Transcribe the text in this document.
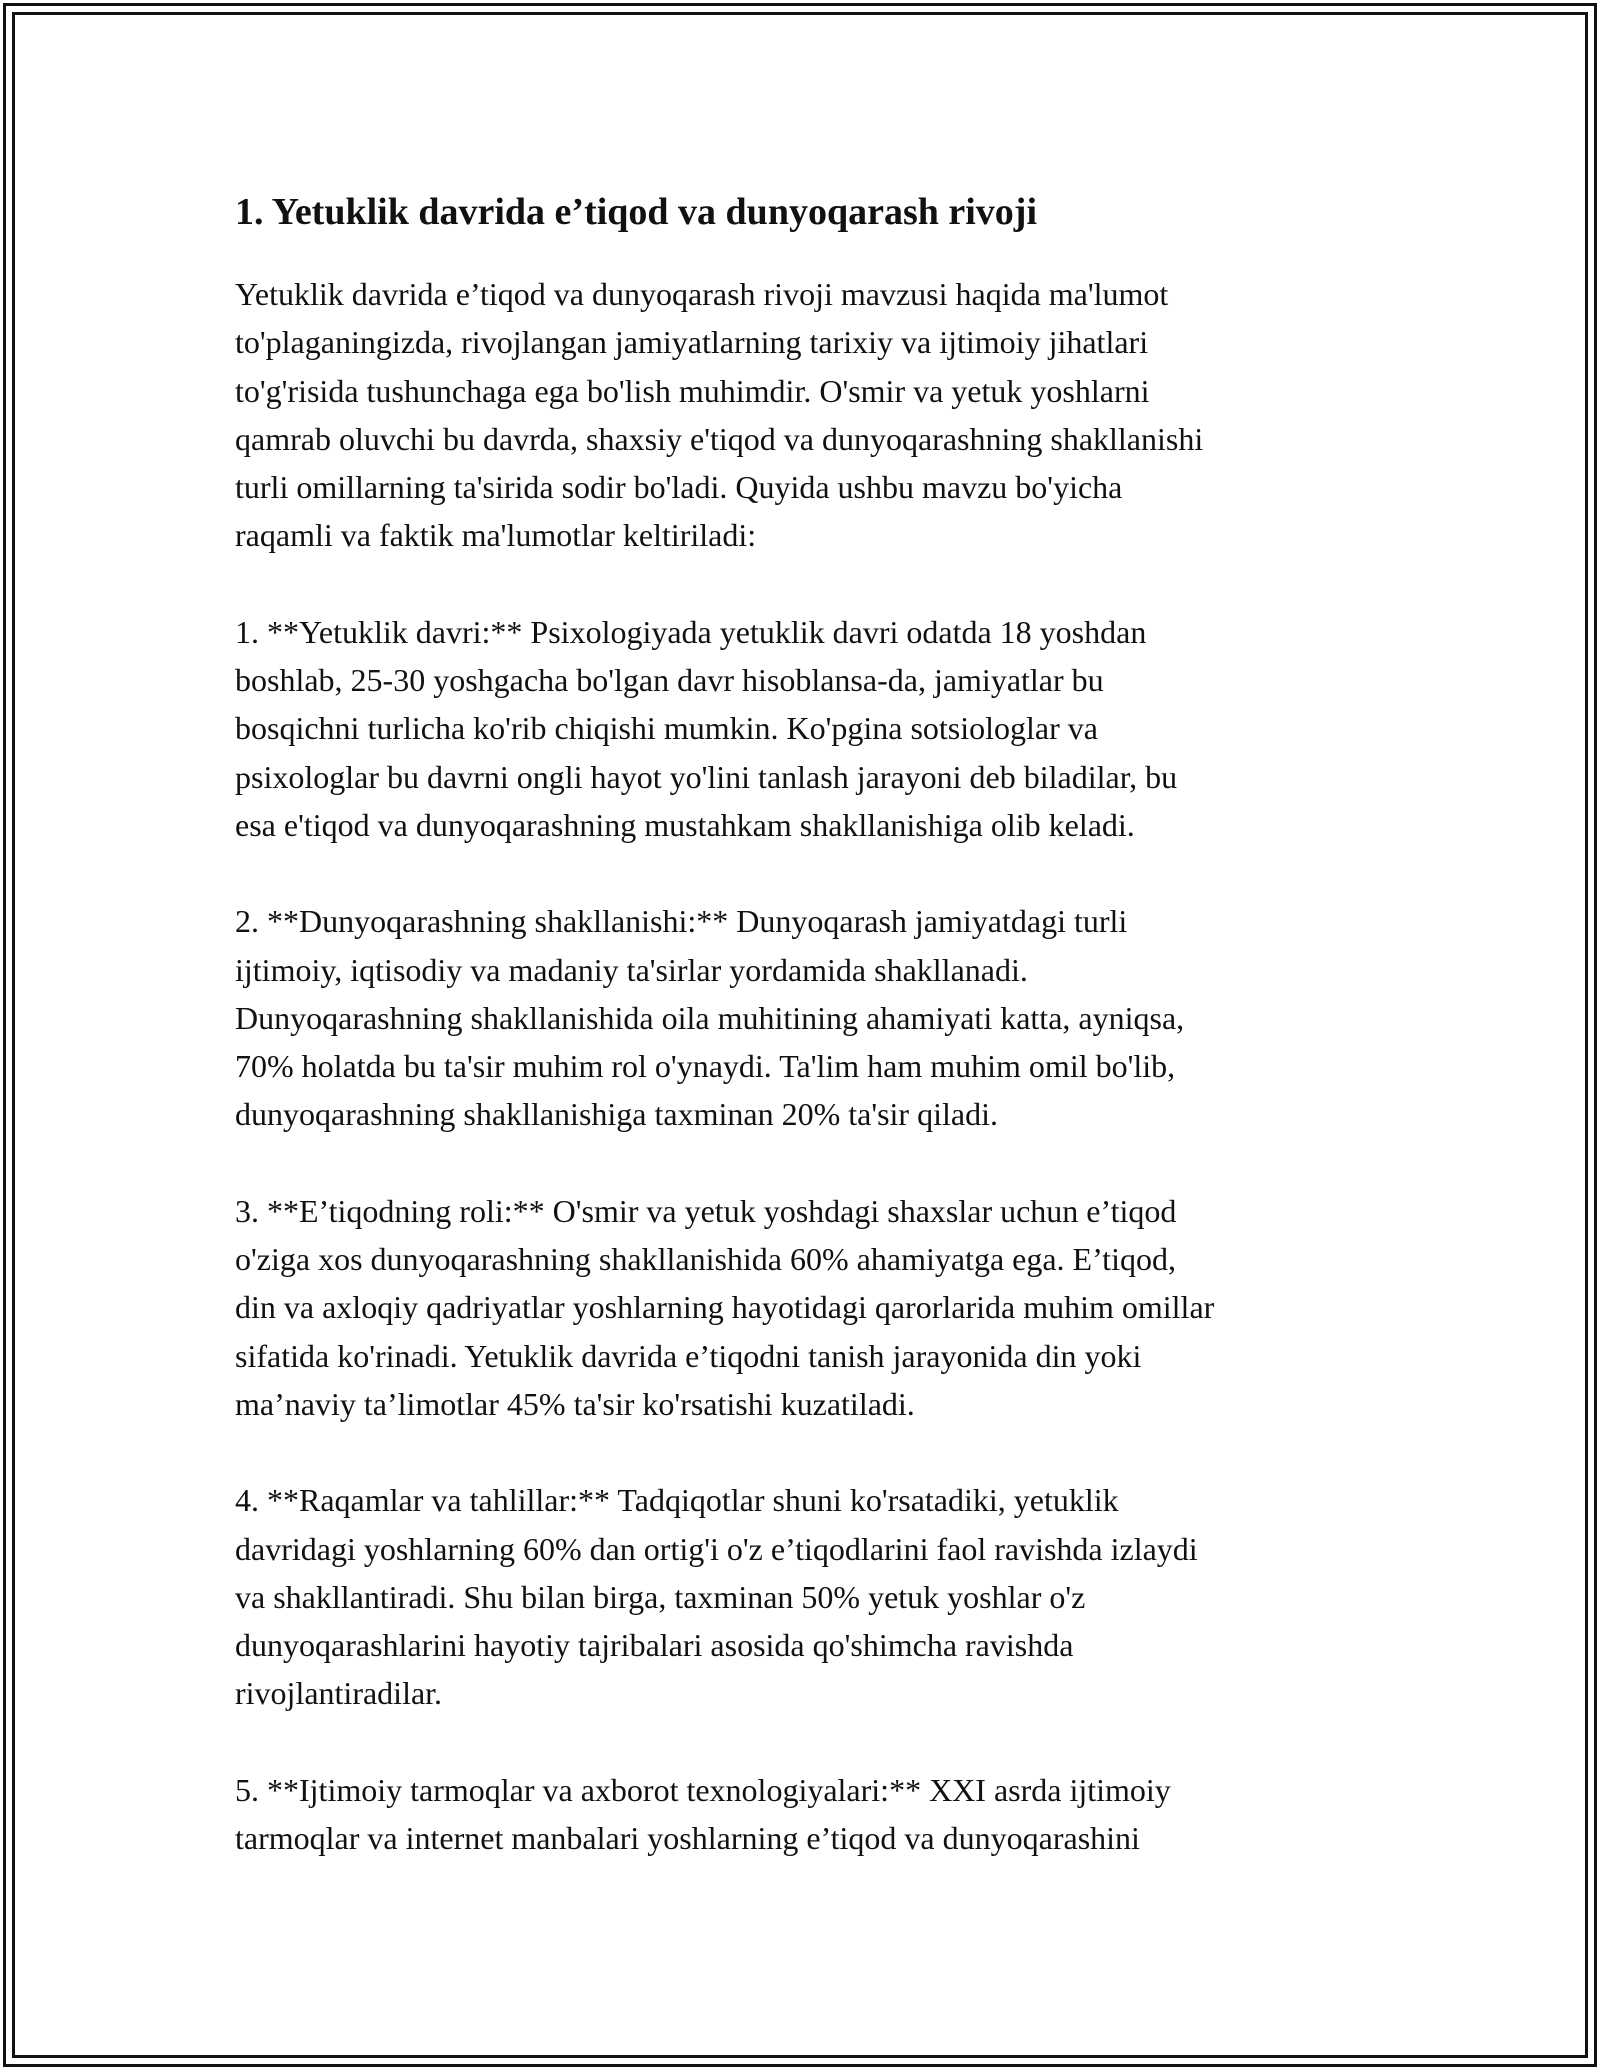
1. Yetuklik davrida e’tiqod va dunyoqarash rivoji
Yetuklik davrida e’tiqod va dunyoqarash rivoji mavzusi haqida ma'lumot
to'plaganingizda, rivojlangan jamiyatlarning tarixiy va ijtimoiy jihatlari
to'g'risida tushunchaga ega bo'lish muhimdir. O'smir va yetuk yoshlarni
qamrab oluvchi bu davrda, shaxsiy e'tiqod va dunyoqarashning shakllanishi
turli omillarning ta'sirida sodir bo'ladi. Quyida ushbu mavzu bo'yicha
raqamli va faktik ma'lumotlar keltiriladi:
1. **Yetuklik davri:** Psixologiyada yetuklik davri odatda 18 yoshdan
boshlab, 25-30 yoshgacha bo'lgan davr hisoblansa-da, jamiyatlar bu
bosqichni turlicha ko'rib chiqishi mumkin. Ko'pgina sotsiologlar va
psixologlar bu davrni ongli hayot yo'lini tanlash jarayoni deb biladilar, bu
esa e'tiqod va dunyoqarashning mustahkam shakllanishiga olib keladi.
2. **Dunyoqarashning shakllanishi:** Dunyoqarash jamiyatdagi turli
ijtimoiy, iqtisodiy va madaniy ta'sirlar yordamida shakllanadi.
Dunyoqarashning shakllanishida oila muhitining ahamiyati katta, ayniqsa,
70% holatda bu ta'sir muhim rol o'ynaydi. Ta'lim ham muhim omil bo'lib,
dunyoqarashning shakllanishiga taxminan 20% ta'sir qiladi.
3. **E’tiqodning roli:** O'smir va yetuk yoshdagi shaxslar uchun e’tiqod
o'ziga xos dunyoqarashning shakllanishida 60% ahamiyatga ega. E’tiqod,
din va axloqiy qadriyatlar yoshlarning hayotidagi qarorlarida muhim omillar
sifatida ko'rinadi. Yetuklik davrida e’tiqodni tanish jarayonida din yoki
ma’naviy ta’limotlar 45% ta'sir ko'rsatishi kuzatiladi.
4. **Raqamlar va tahlillar:** Tadqiqotlar shuni ko'rsatadiki, yetuklik
davridagi yoshlarning 60% dan ortig'i o'z e’tiqodlarini faol ravishda izlaydi
va shakllantiradi. Shu bilan birga, taxminan 50% yetuk yoshlar o'z
dunyoqarashlarini hayotiy tajribalari asosida qo'shimcha ravishda
rivojlantiradilar.
5. **Ijtimoiy tarmoqlar va axborot texnologiyalari:** XXI asrda ijtimoiy
tarmoqlar va internet manbalari yoshlarning e’tiqod va dunyoqarashini
